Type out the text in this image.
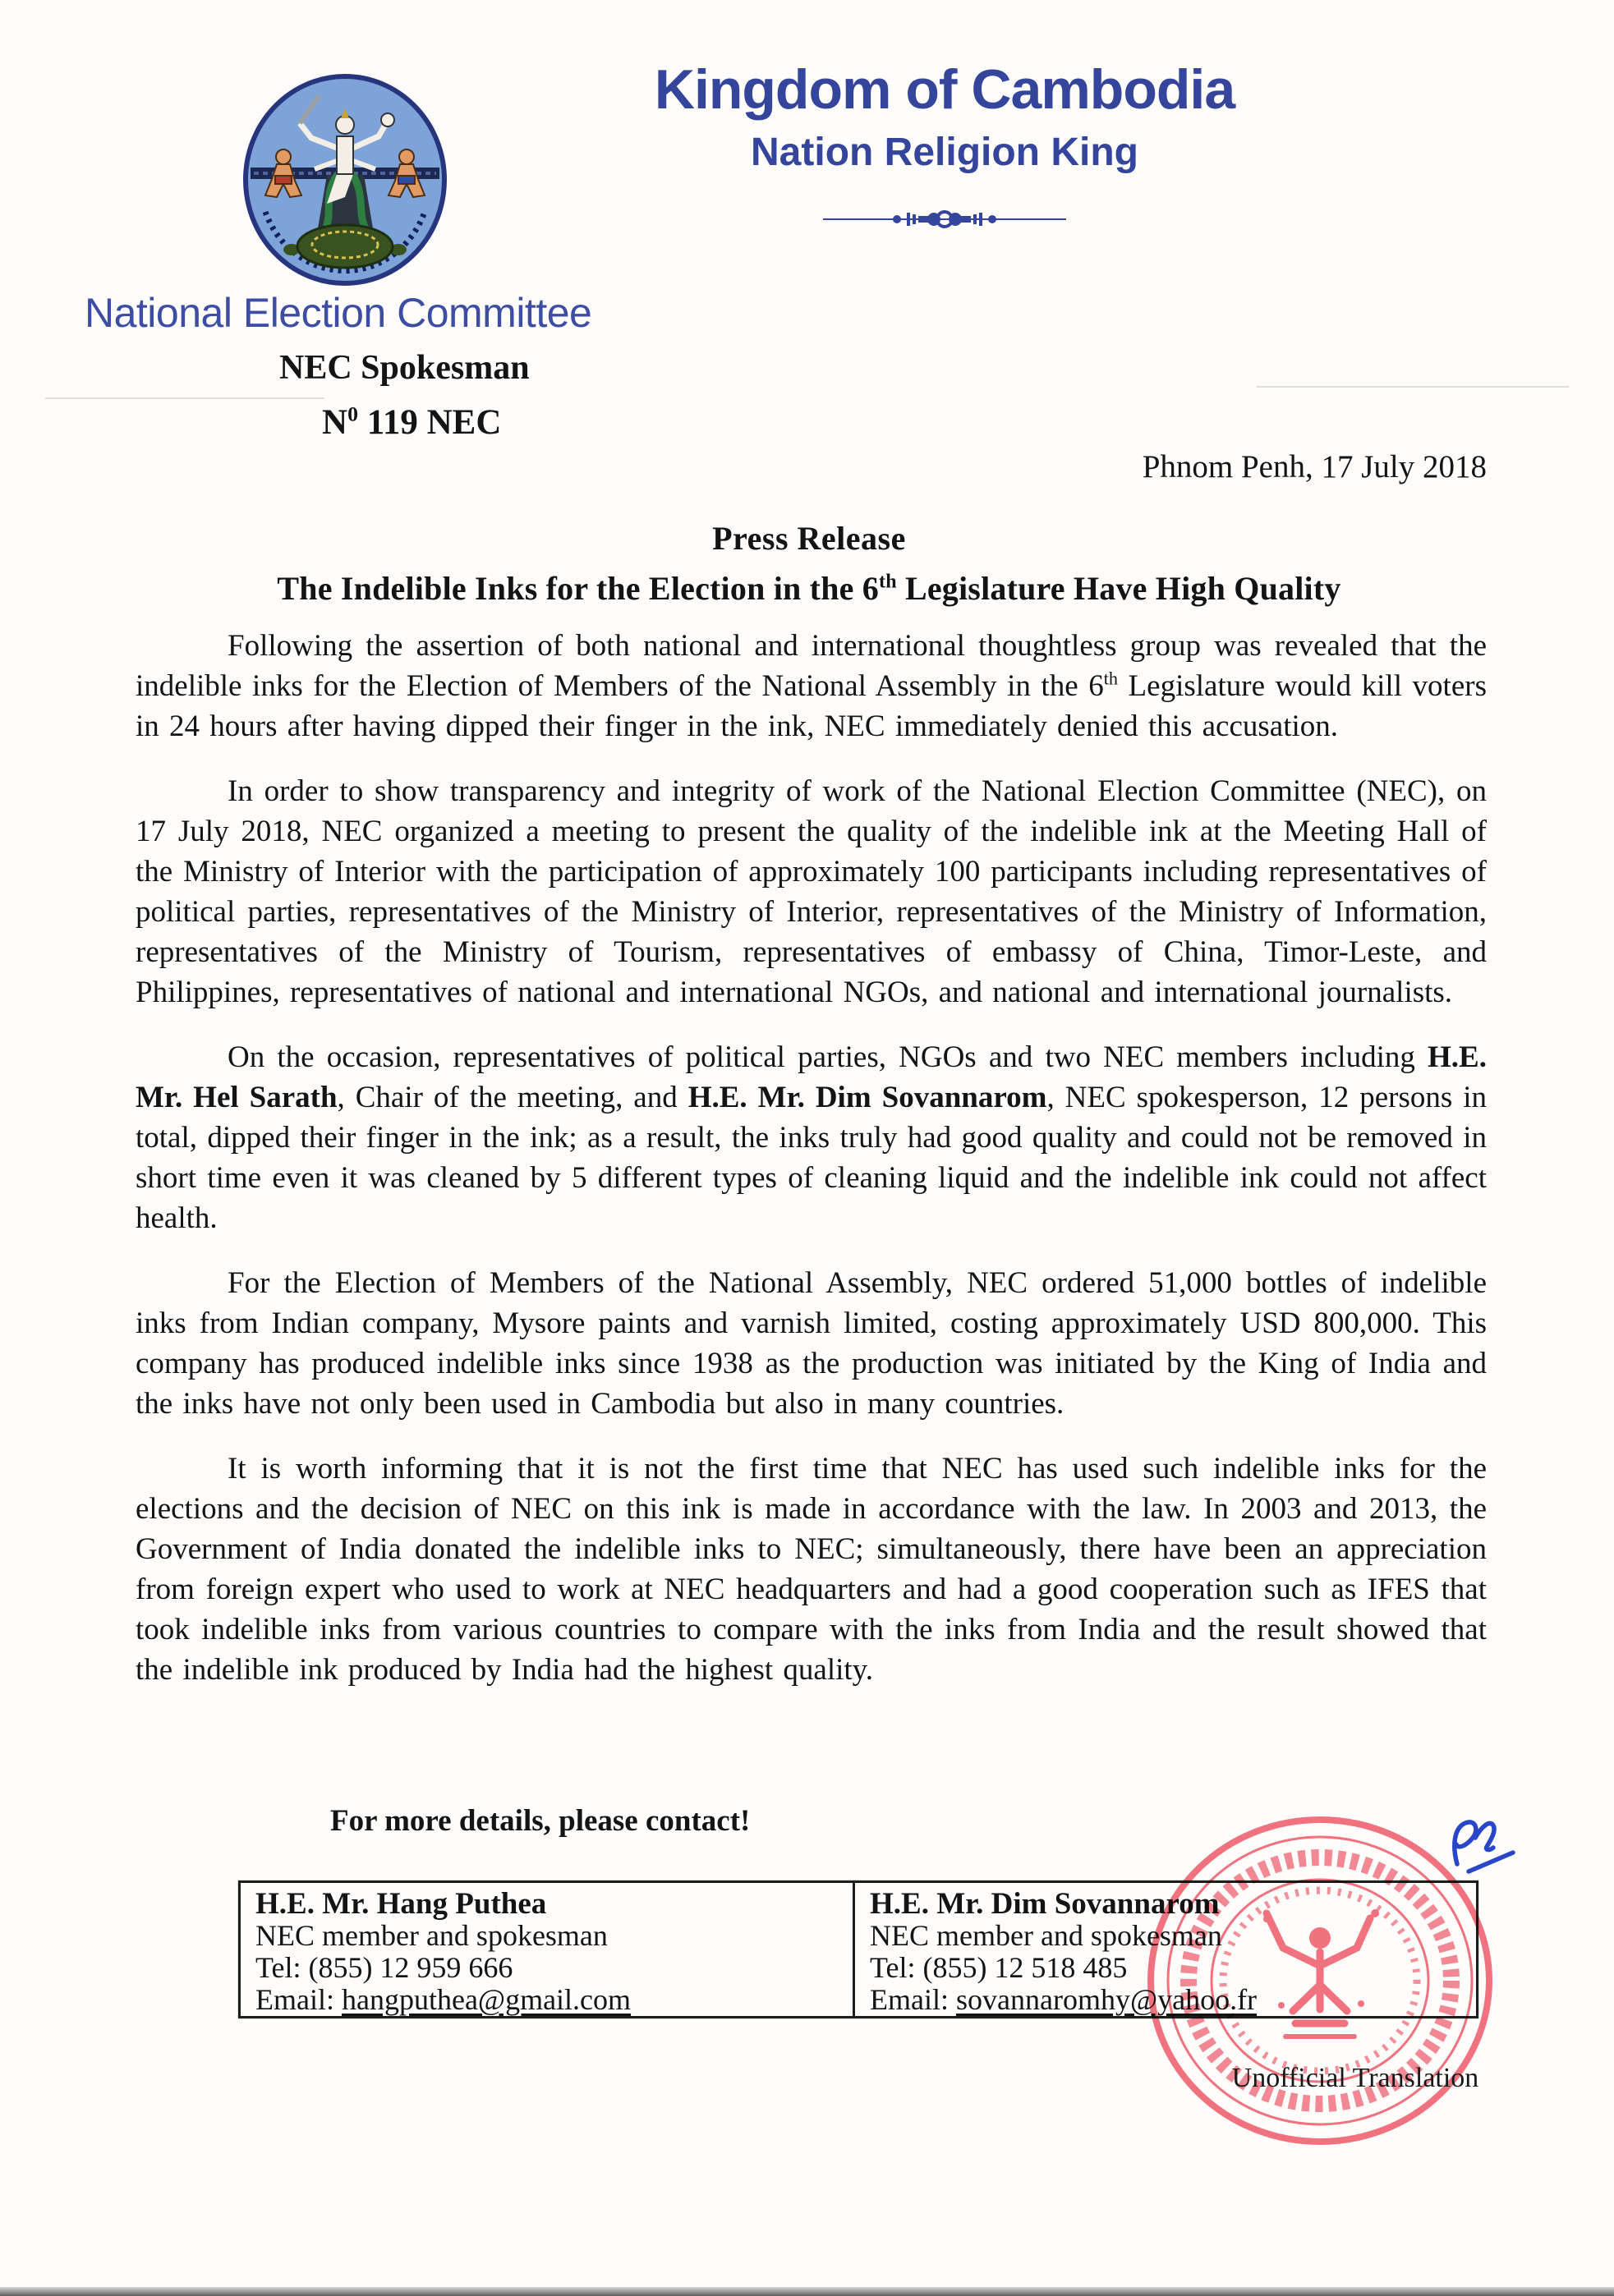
Kingdom of Cambodia
Nation Religion King
National Election Committee
NEC Spokesman
$N^0$ 119 NEC
Phnom Penh, 17 July 2018
Press Release
The Indelible Inks for the Election in the 6th Legislature Have High Quality

Following the assertion of both national and international thoughtless group was revealed that the indelible inks for the Election of Members of the National Assembly in the 6th Legislature would kill voters in 24 hours after having dipped their finger in the ink, NEC immediately denied this accusation.

In order to show transparency and integrity of work of the National Election Committee (NEC), on 17 July 2018, NEC organized a meeting to present the quality of the indelible ink at the Meeting Hall of the Ministry of Interior with the participation of approximately 100 participants including representatives of political parties, representatives of the Ministry of Interior, representatives of the Ministry of Information, representatives of the Ministry of Tourism, representatives of embassy of China, Timor-Leste, and Philippines, representatives of national and international NGOs, and national and international journalists.

On the occasion, representatives of political parties, NGOs and two NEC members including H.E. Mr. Hel Sarath, Chair of the meeting, and H.E. Mr. Dim Sovannarom, NEC spokesperson, 12 persons in total, dipped their finger in the ink; as a result, the inks truly had good quality and could not be removed in short time even it was cleaned by 5 different types of cleaning liquid and the indelible ink could not affect health.

For the Election of Members of the National Assembly, NEC ordered 51,000 bottles of indelible inks from Indian company, Mysore paints and varnish limited, costing approximately USD 800,000. This company has produced indelible inks since 1938 as the production was initiated by the King of India and the inks have not only been used in Cambodia but also in many countries.

It is worth informing that it is not the first time that NEC has used such indelible inks for the elections and the decision of NEC on this ink is made in accordance with the law. In 2003 and 2013, the Government of India donated the indelible inks to NEC; simultaneously, there have been an appreciation from foreign expert who used to work at NEC headquarters and had a good cooperation such as IFES that took indelible inks from various countries to compare with the inks from India and the result showed that the indelible ink produced by India had the highest quality.

For more details, please contact!
H.E. Mr. Hang Puthea
NEC member and spokesman
Tel: (855) 12 959 666
Email: hangputhea@gmail.com
H.E. Mr. Dim Sovannarom
NEC member and spokesman
Tel: (855) 12 518 485
Email: sovannaromhy@yahoo.fr
Unofficial Translation
